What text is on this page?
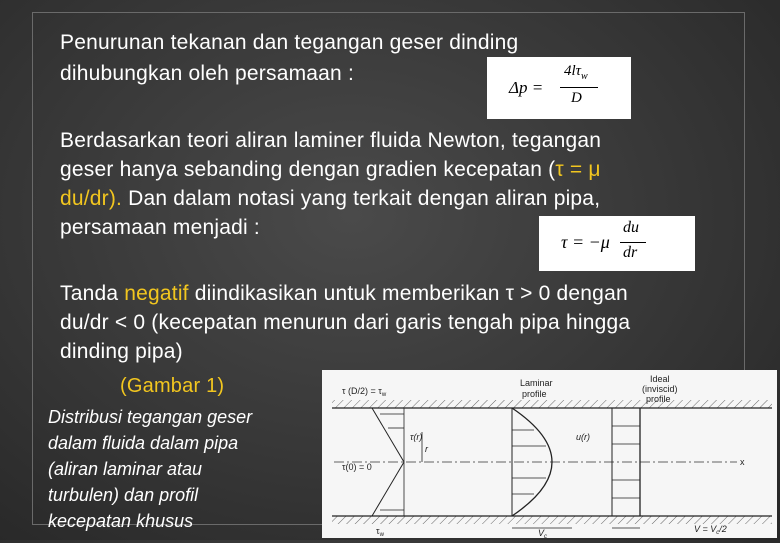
Penurunan tekanan dan tegangan geser dinding
dihubungkan oleh persamaan :
Δp =
$4l\tau_w$
D
Berdasarkan teori aliran laminer fluida Newton, tegangan
geser hanya sebanding dengan gradien kecepatan (τ = μ
du/dr). Dan dalam notasi yang terkait dengan aliran pipa,
persamaan menjadi :
τ = −μ
du
dr
Tanda negatif diindikasikan untuk memberikan τ > 0 dengan
du/dr < 0 (kecepatan menurun dari garis tengah pipa hingga
dinding pipa)
(Gambar 1)
Distribusi tegangan geser
dalam fluida dalam pipa
(aliran laminar atau
turbulen) dan profil
kecepatan khusus
x
r
τ $(D/2) = \tau_w$
τ(r)
τ(0) = 0
$\tau_w$
Laminar
profile
Ideal
(inviscid)
profile
u(r)
$V_c$
$V = V_c/2$
